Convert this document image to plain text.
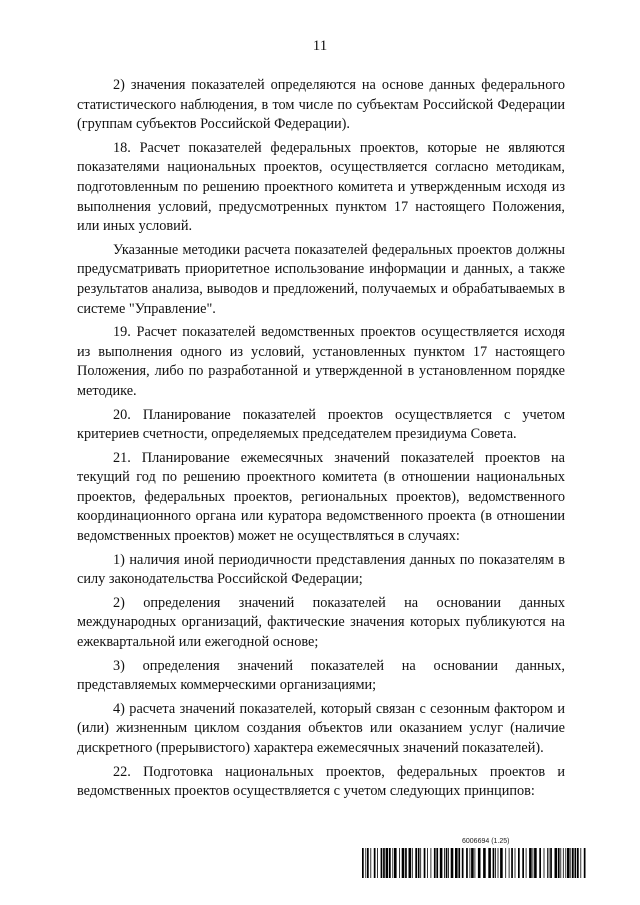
11

2) значения показателей определяются на основе данных федерального статистического наблюдения, в том числе по субъектам Российской Федерации (группам субъектов Российской Федерации).

18. Расчет показателей федеральных проектов, которые не являются показателями национальных проектов, осуществляется согласно методикам, подготовленным по решению проектного комитета и утвержденным исходя из выполнения условий, предусмотренных пунктом 17 настоящего Положения, или иных условий.

Указанные методики расчета показателей федеральных проектов должны предусматривать приоритетное использование информации и данных, а также результатов анализа, выводов и предложений, получаемых и обрабатываемых в системе "Управление".

19. Расчет показателей ведомственных проектов осуществляется исходя из выполнения одного из условий, установленных пунктом 17 настоящего Положения, либо по разработанной и утвержденной в установленном порядке методике.

20. Планирование показателей проектов осуществляется с учетом критериев счетности, определяемых председателем президиума Совета.

21. Планирование ежемесячных значений показателей проектов на текущий год по решению проектного комитета (в отношении национальных проектов, федеральных проектов, региональных проектов), ведомственного координационного органа или куратора ведомственного проекта (в отношении ведомственных проектов) может не осуществляться в случаях:

1) наличия иной периодичности представления данных по показателям в силу законодательства Российской Федерации;

2) определения значений показателей на основании данных международных организаций, фактические значения которых публикуются на ежеквартальной или ежегодной основе;

3) определения значений показателей на основании данных, представляемых коммерческими организациями;

4) расчета значений показателей, который связан с сезонным фактором и (или) жизненным циклом создания объектов или оказанием услуг (наличие дискретного (прерывистого) характера ежемесячных значений показателей).

22. Подготовка национальных проектов, федеральных проектов и ведомственных проектов осуществляется с учетом следующих принципов:

6006694 (1.25)
